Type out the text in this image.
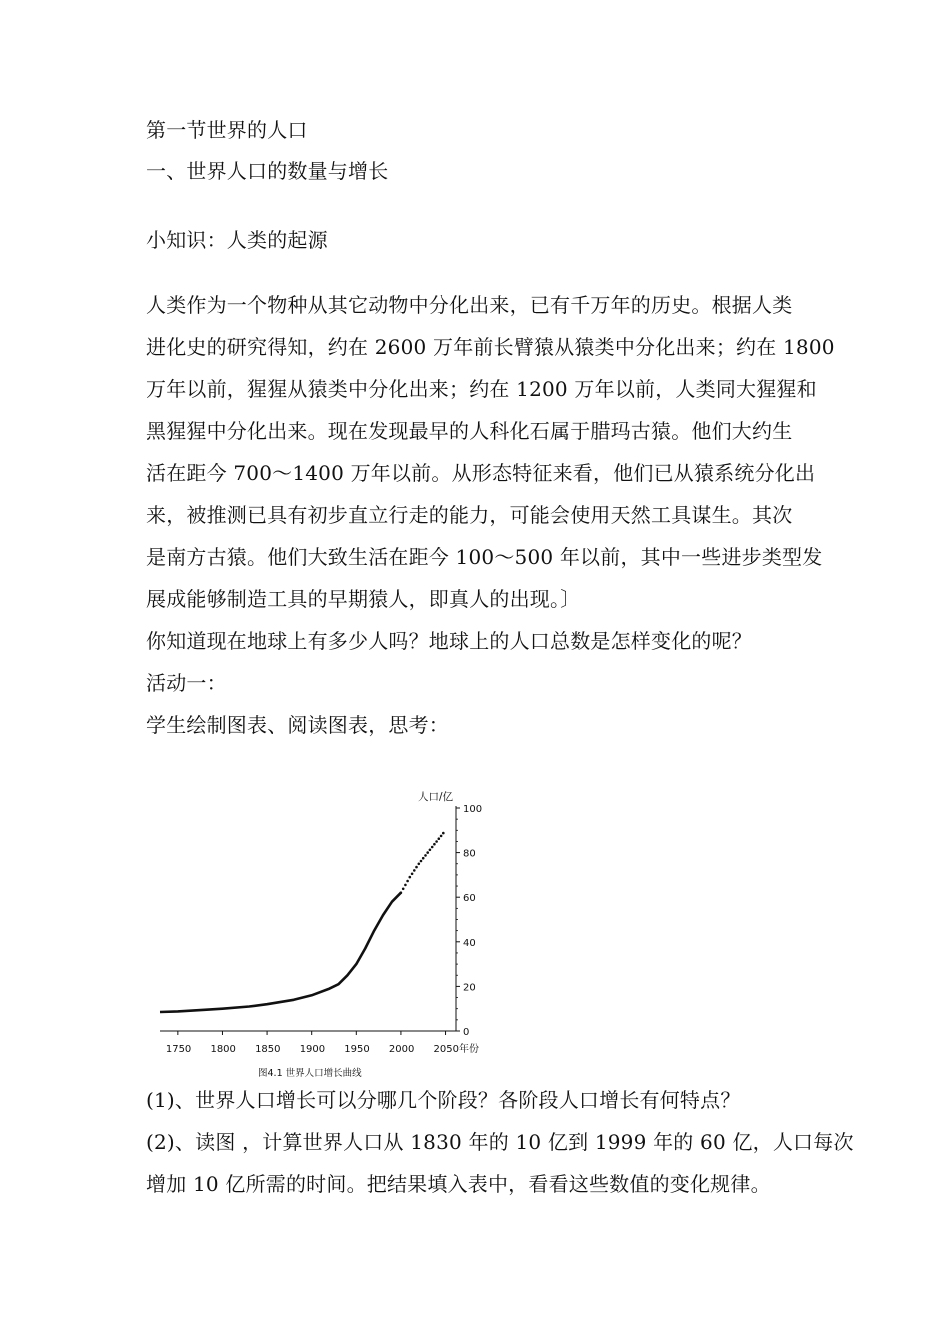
第一节世界的人口
一、世界人口的数量与增长
小知识：人类的起源
人类作为一个物种从其它动物中分化出来，已有千万年的历史。根据人类
进化史的研究得知，约在 2600 万年前长臂猿从猿类中分化出来；约在 1800
万年以前，猩猩从猿类中分化出来；约在 1200 万年以前，人类同大猩猩和
黑猩猩中分化出来。现在发现最早的人科化石属于腊玛古猿。他们大约生
活在距今 700～1400 万年以前。从形态特征来看，他们已从猿系统分化出
来，被推测已具有初步直立行走的能力，可能会使用天然工具谋生。其次
是南方古猿。他们大致生活在距今 100～500 年以前，其中一些进步类型发
展成能够制造工具的早期猿人，即真人的出现。〕
你知道现在地球上有多少人吗？地球上的人口总数是怎样变化的呢？
活动一：
学生绘制图表、阅读图表，思考：
0
20
40
60
80
100
1750 1800 1850 1900 1950 2000 2050年份
人口/亿
图4.1 世界人口增长曲线
(1)、世界人口增长可以分哪几个阶段？各阶段人口增长有何特点？
(2)、读图 ，计算世界人口从 1830 年的 10 亿到 1999 年的 60 亿，人口每次
增加 10 亿所需的时间。把结果填入表中，看看这些数值的变化规律。
